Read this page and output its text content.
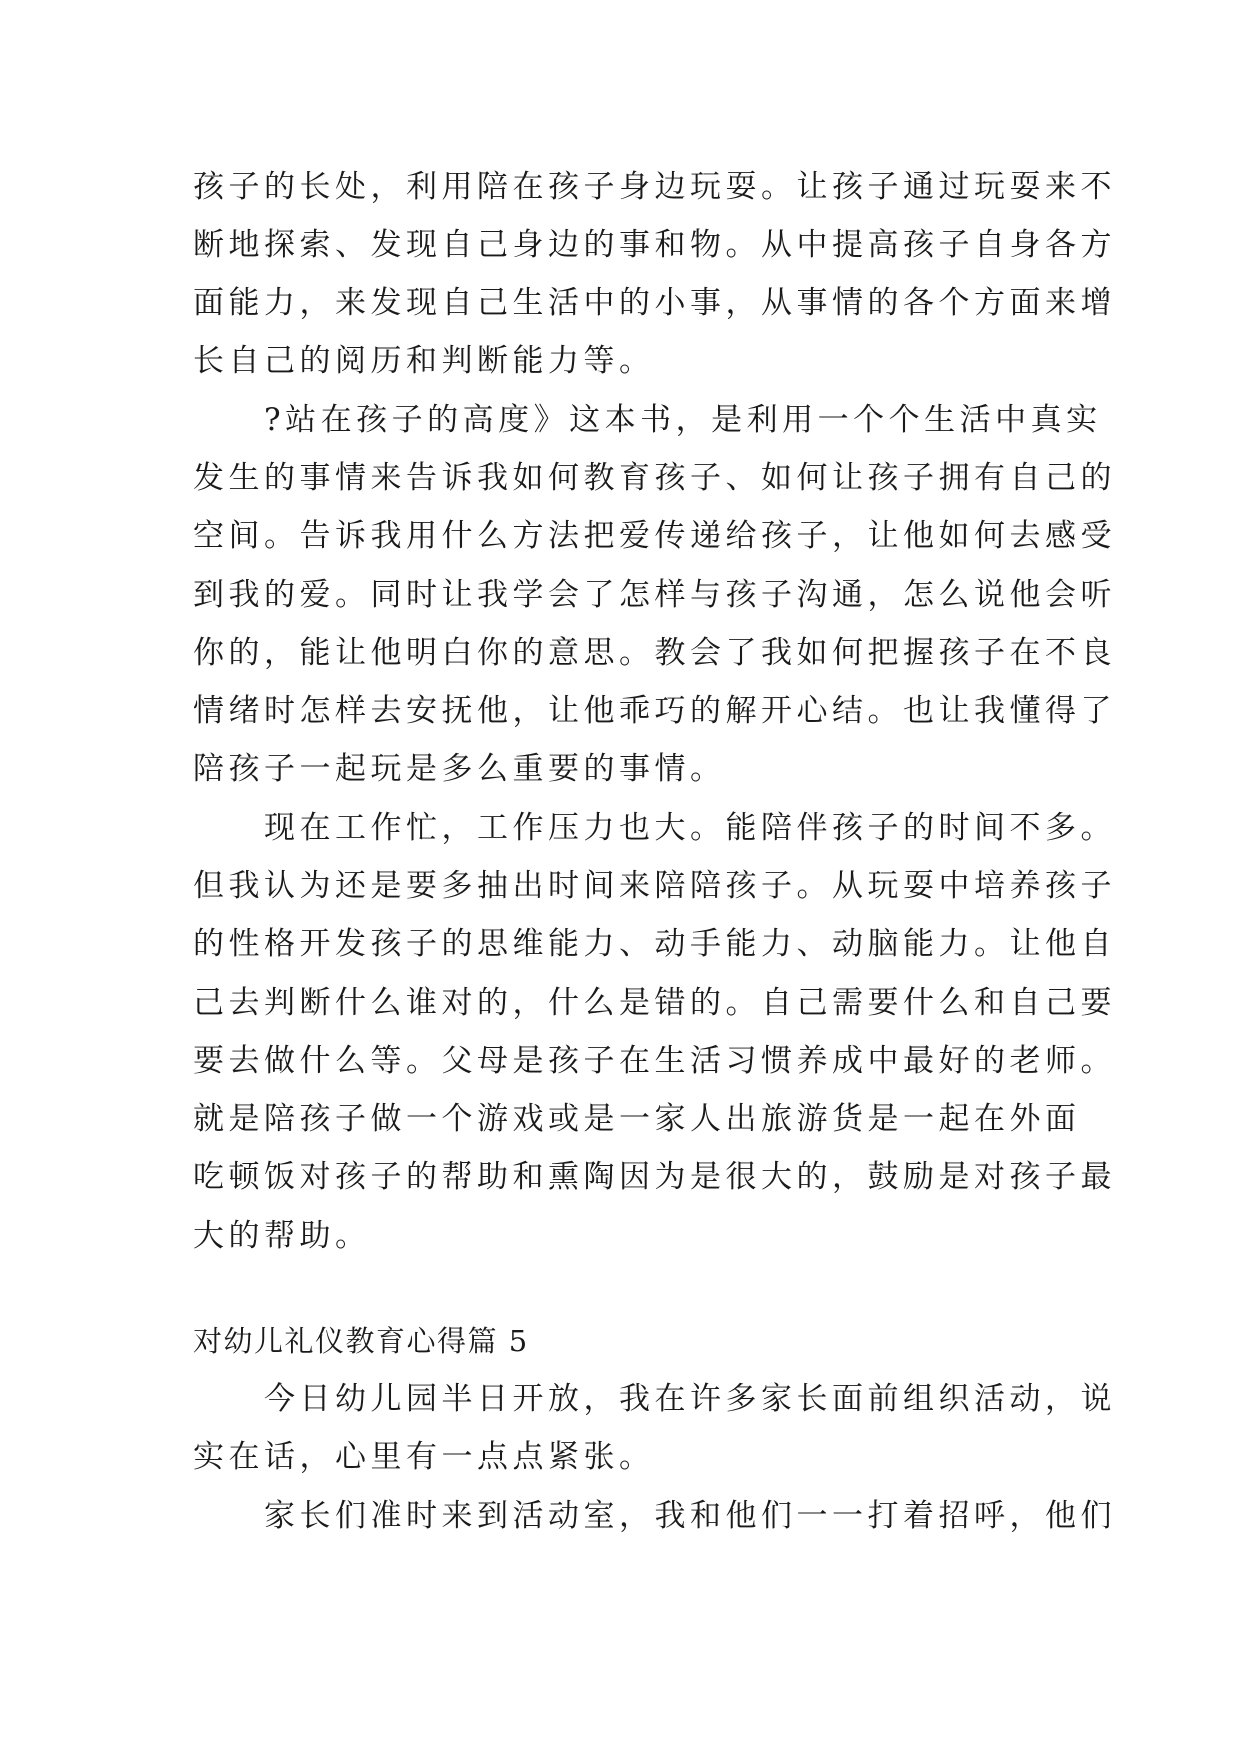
孩子的长处，利用陪在孩子身边玩耍。让孩子通过玩耍来不
断地探索、发现自己身边的事和物。从中提高孩子自身各方
面能力，来发现自己生活中的小事，从事情的各个方面来增
长自己的阅历和判断能力等。
　　?站在孩子的高度》这本书，是利用一个个生活中真实
发生的事情来告诉我如何教育孩子、如何让孩子拥有自己的
空间。告诉我用什么方法把爱传递给孩子，让他如何去感受
到我的爱。同时让我学会了怎样与孩子沟通，怎么说他会听
你的，能让他明白你的意思。教会了我如何把握孩子在不良
情绪时怎样去安抚他，让他乖巧的解开心结。也让我懂得了
陪孩子一起玩是多么重要的事情。
　　现在工作忙，工作压力也大。能陪伴孩子的时间不多。
但我认为还是要多抽出时间来陪陪孩子。从玩耍中培养孩子
的性格开发孩子的思维能力、动手能力、动脑能力。让他自
己去判断什么谁对的，什么是错的。自己需要什么和自己要
要去做什么等。父母是孩子在生活习惯养成中最好的老师。
就是陪孩子做一个游戏或是一家人出旅游货是一起在外面
吃顿饭对孩子的帮助和熏陶因为是很大的，鼓励是对孩子最
大的帮助。
对幼儿礼仪教育心得篇 5
　　今日幼儿园半日开放，我在许多家长面前组织活动，说
实在话，心里有一点点紧张。
　　家长们准时来到活动室，我和他们一一打着招呼，他们
